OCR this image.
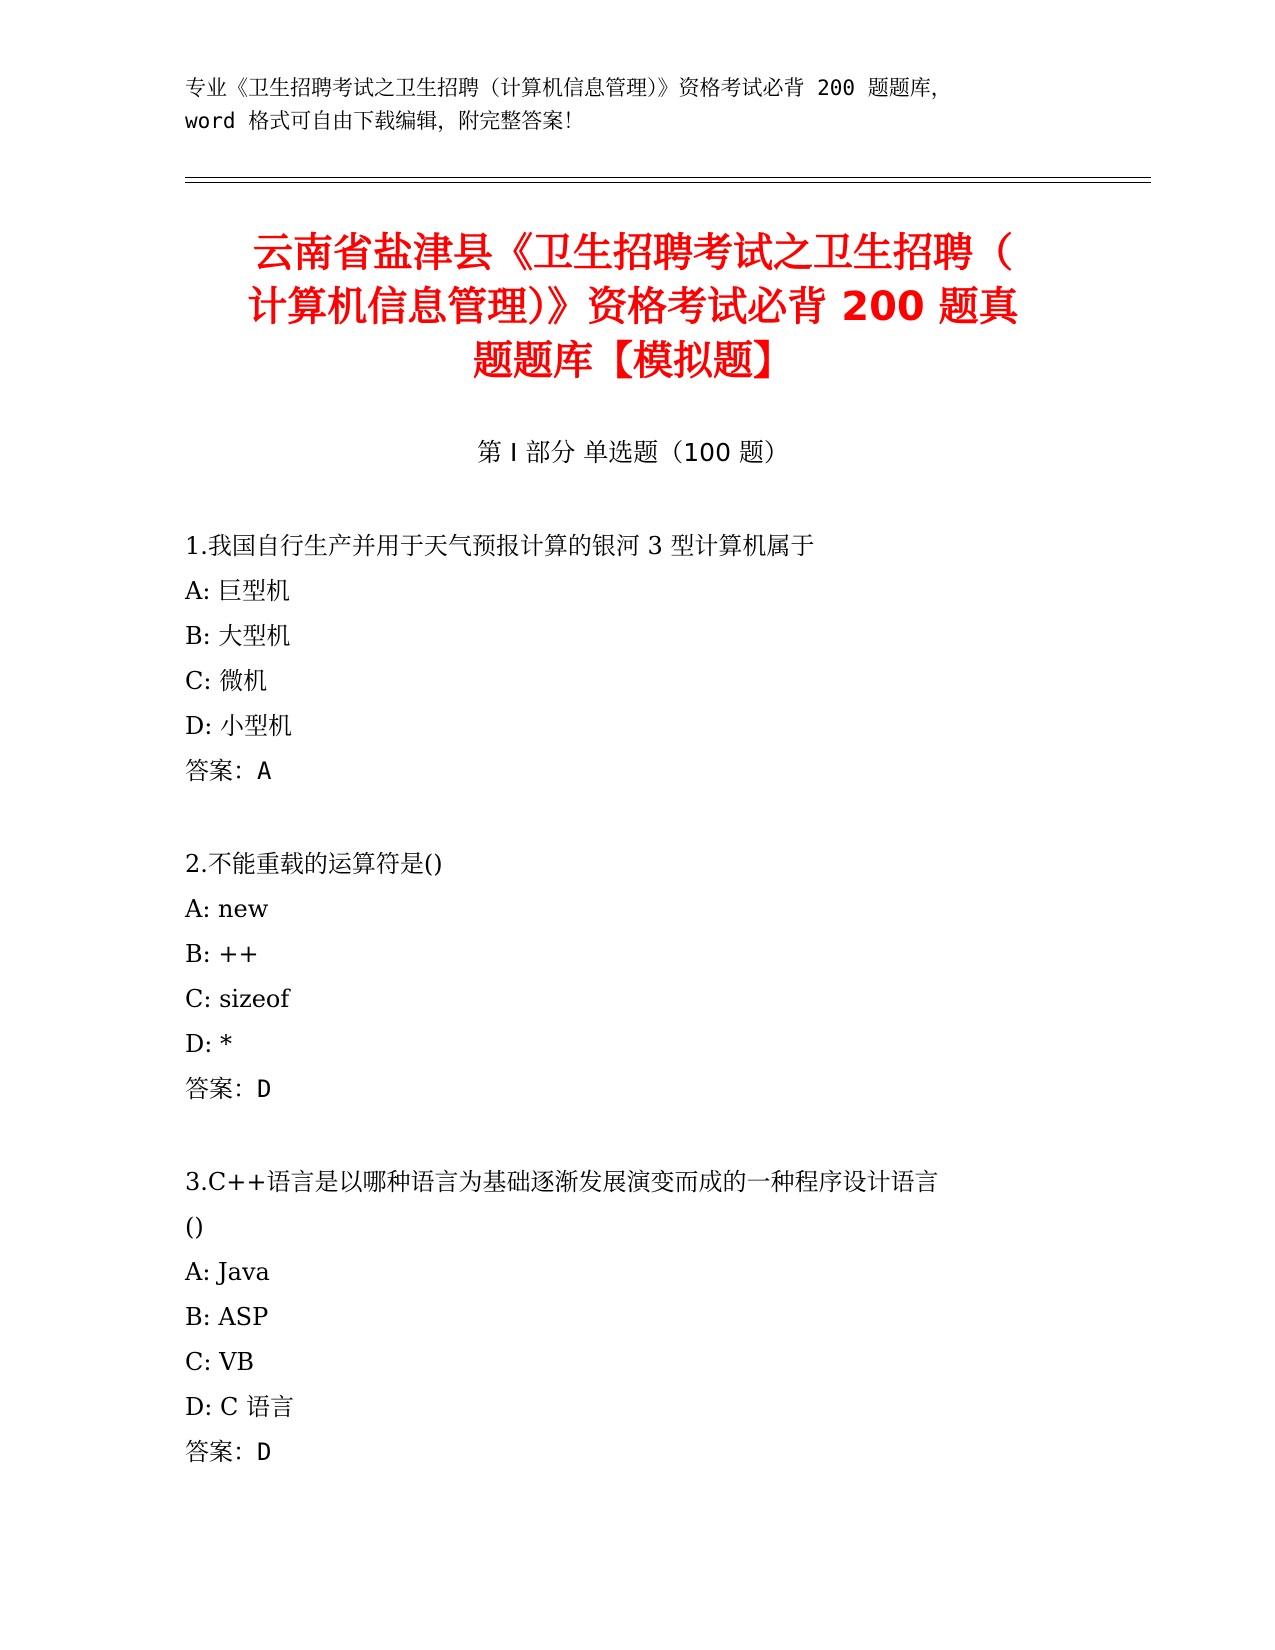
专业《卫生招聘考试之卫生招聘（计算机信息管理）》资格考试必背 200 题题库，
word 格式可自由下载编辑，附完整答案！
云南省盐津县《卫生招聘考试之卫生招聘（
计算机信息管理）》资格考试必背 200 题真
题题库【模拟题】
第 I 部分 单选题（100 题）
1.我国自行生产并用于天气预报计算的银河 3 型计算机属于
A: 巨型机
B: 大型机
C: 微机
D: 小型机
答案：A
2.不能重载的运算符是()
A: new
B: ++
C: sizeof
D: *
答案：D
3.C++语言是以哪种语言为基础逐渐发展演变而成的一种程序设计语言
()
A: Java
B: ASP
C: VB
D: C 语言
答案：D
